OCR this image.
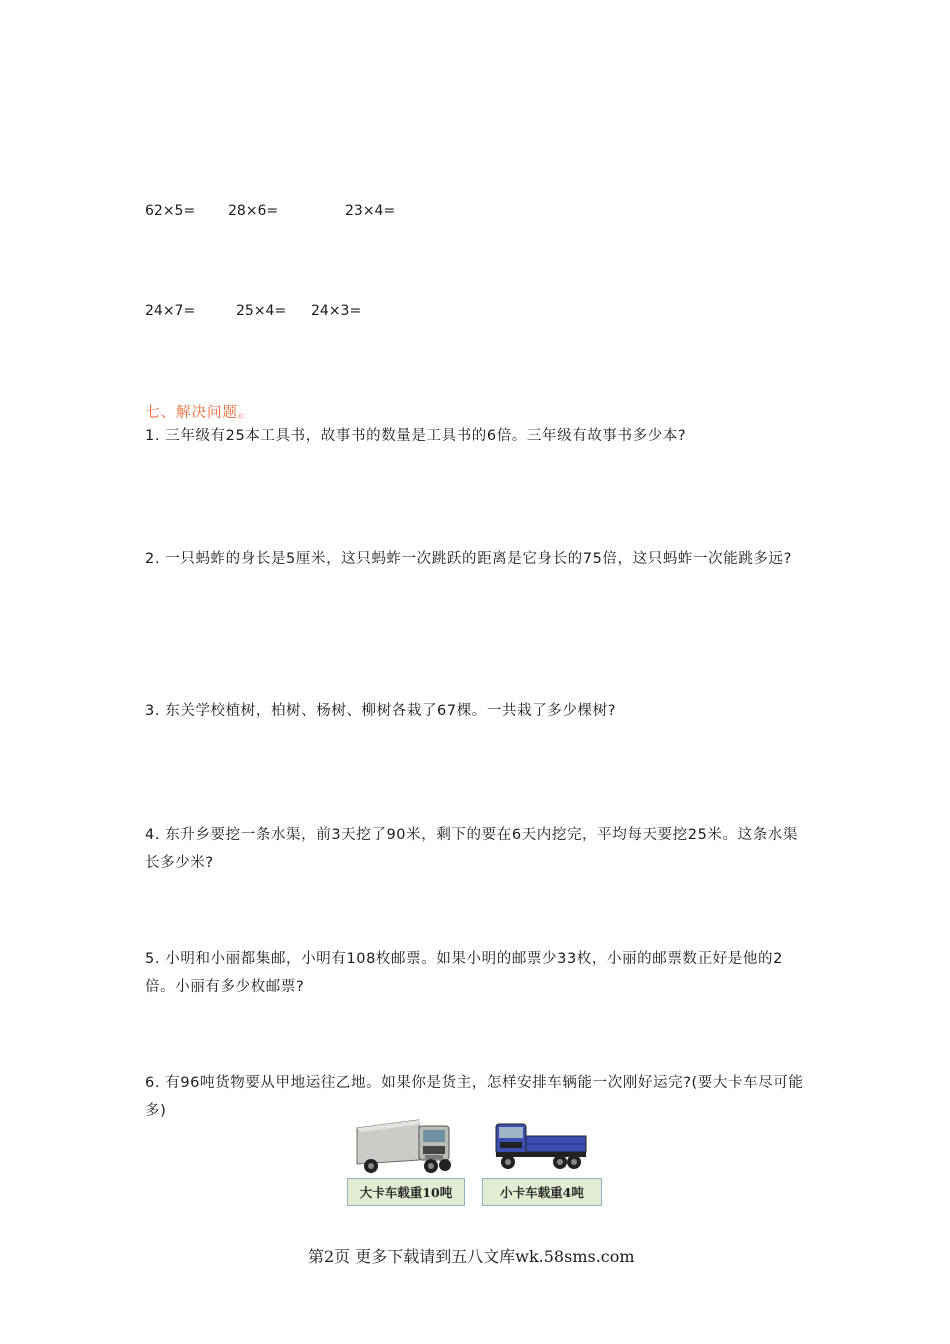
62×5= 28×6=	23×4=
24×7=	25×4= 24×3=
七、解决问题。
1. 三年级有25本工具书，故事书的数量是工具书的6倍。三年级有故事书多少本?
2. 一只蚂蚱的身长是5厘米，这只蚂蚱一次跳跃的距离是它身长的75倍，这只蚂蚱一次能跳多远?
3. 东关学校植树，柏树、杨树、柳树各栽了67棵。一共栽了多少棵树?
4. 东升乡要挖一条水渠，前3天挖了90米，剩下的要在6天内挖完，平均每天要挖25米。这条水渠长多少米?
5. 小明和小丽都集邮，小明有108枚邮票。如果小明的邮票少33枚，小丽的邮票数正好是他的2倍。小丽有多少枚邮票?
6. 有96吨货物要从甲地运往乙地。如果你是货主，怎样安排车辆能一次刚好运完?(要大卡车尽可能多)
大卡车载重10吨	小卡车载重4吨
第2页 更多下载请到五八文库wk.58sms.com
